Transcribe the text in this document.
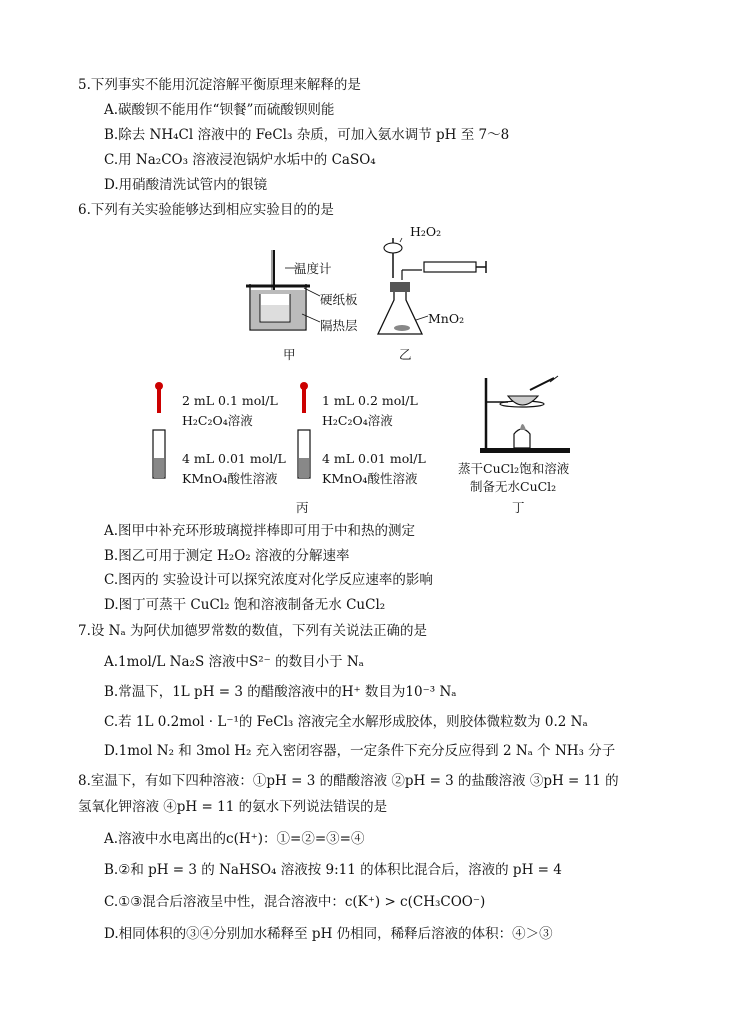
5.下列事实不能用沉淀溶解平衡原理来解释的是
A.碳酸钡不能用作“钡餐”而硫酸钡则能
B.除去 NH₄Cl 溶液中的 FeCl₃ 杂质，可加入氨水调节 pH 至 7～8
C.用 Na₂CO₃ 溶液浸泡锅炉水垢中的 CaSO₄
D.用硝酸清洗试管内的银镜
6.下列有关实验能够达到相应实验目的的是
温度计
硬纸板
隔热层
甲
H₂O₂
MnO₂
乙
2 mL 0.1 mol/L
H₂C₂O₄溶液
4 mL 0.01 mol/L
KMnO₄酸性溶液
1 mL 0.2 mol/L
H₂C₂O₄溶液
4 mL 0.01 mol/L
KMnO₄酸性溶液
丙
蒸干CuCl₂饱和溶液
制备无水CuCl₂
丁
A.图甲中补充环形玻璃搅拌棒即可用于中和热的测定
B.图乙可用于测定 H₂O₂ 溶液的分解速率
C.图丙的 实验设计可以探究浓度对化学反应速率的影响
D.图丁可蒸干 CuCl₂ 饱和溶液制备无水 CuCl₂
7.设 Nₐ 为阿伏加德罗常数的数值，下列有关说法正确的是
A.1mol/L Na₂S 溶液中S²⁻ 的数目小于 Nₐ
B.常温下，1L pH = 3 的醋酸溶液中的H⁺ 数目为10⁻³ Nₐ
C.若 1L 0.2mol · L⁻¹的 FeCl₃ 溶液完全水解形成胶体，则胶体微粒数为 0.2 Nₐ
D.1mol N₂ 和 3mol H₂ 充入密闭容器，一定条件下充分反应得到 2 Nₐ 个 NH₃ 分子
8.室温下，有如下四种溶液：①pH = 3 的醋酸溶液 ②pH = 3 的盐酸溶液 ③pH = 11 的
氢氧化钾溶液 ④pH = 11 的氨水下列说法错误的是
A.溶液中水电离出的c(H⁺)：①=②=③=④
B.②和 pH = 3 的 NaHSO₄ 溶液按 9:11 的体积比混合后，溶液的 pH = 4
C.①③混合后溶液呈中性，混合溶液中：c(K⁺) > c(CH₃COO⁻)
D.相同体积的③④分别加水稀释至 pH 仍相同，稀释后溶液的体积：④＞③
